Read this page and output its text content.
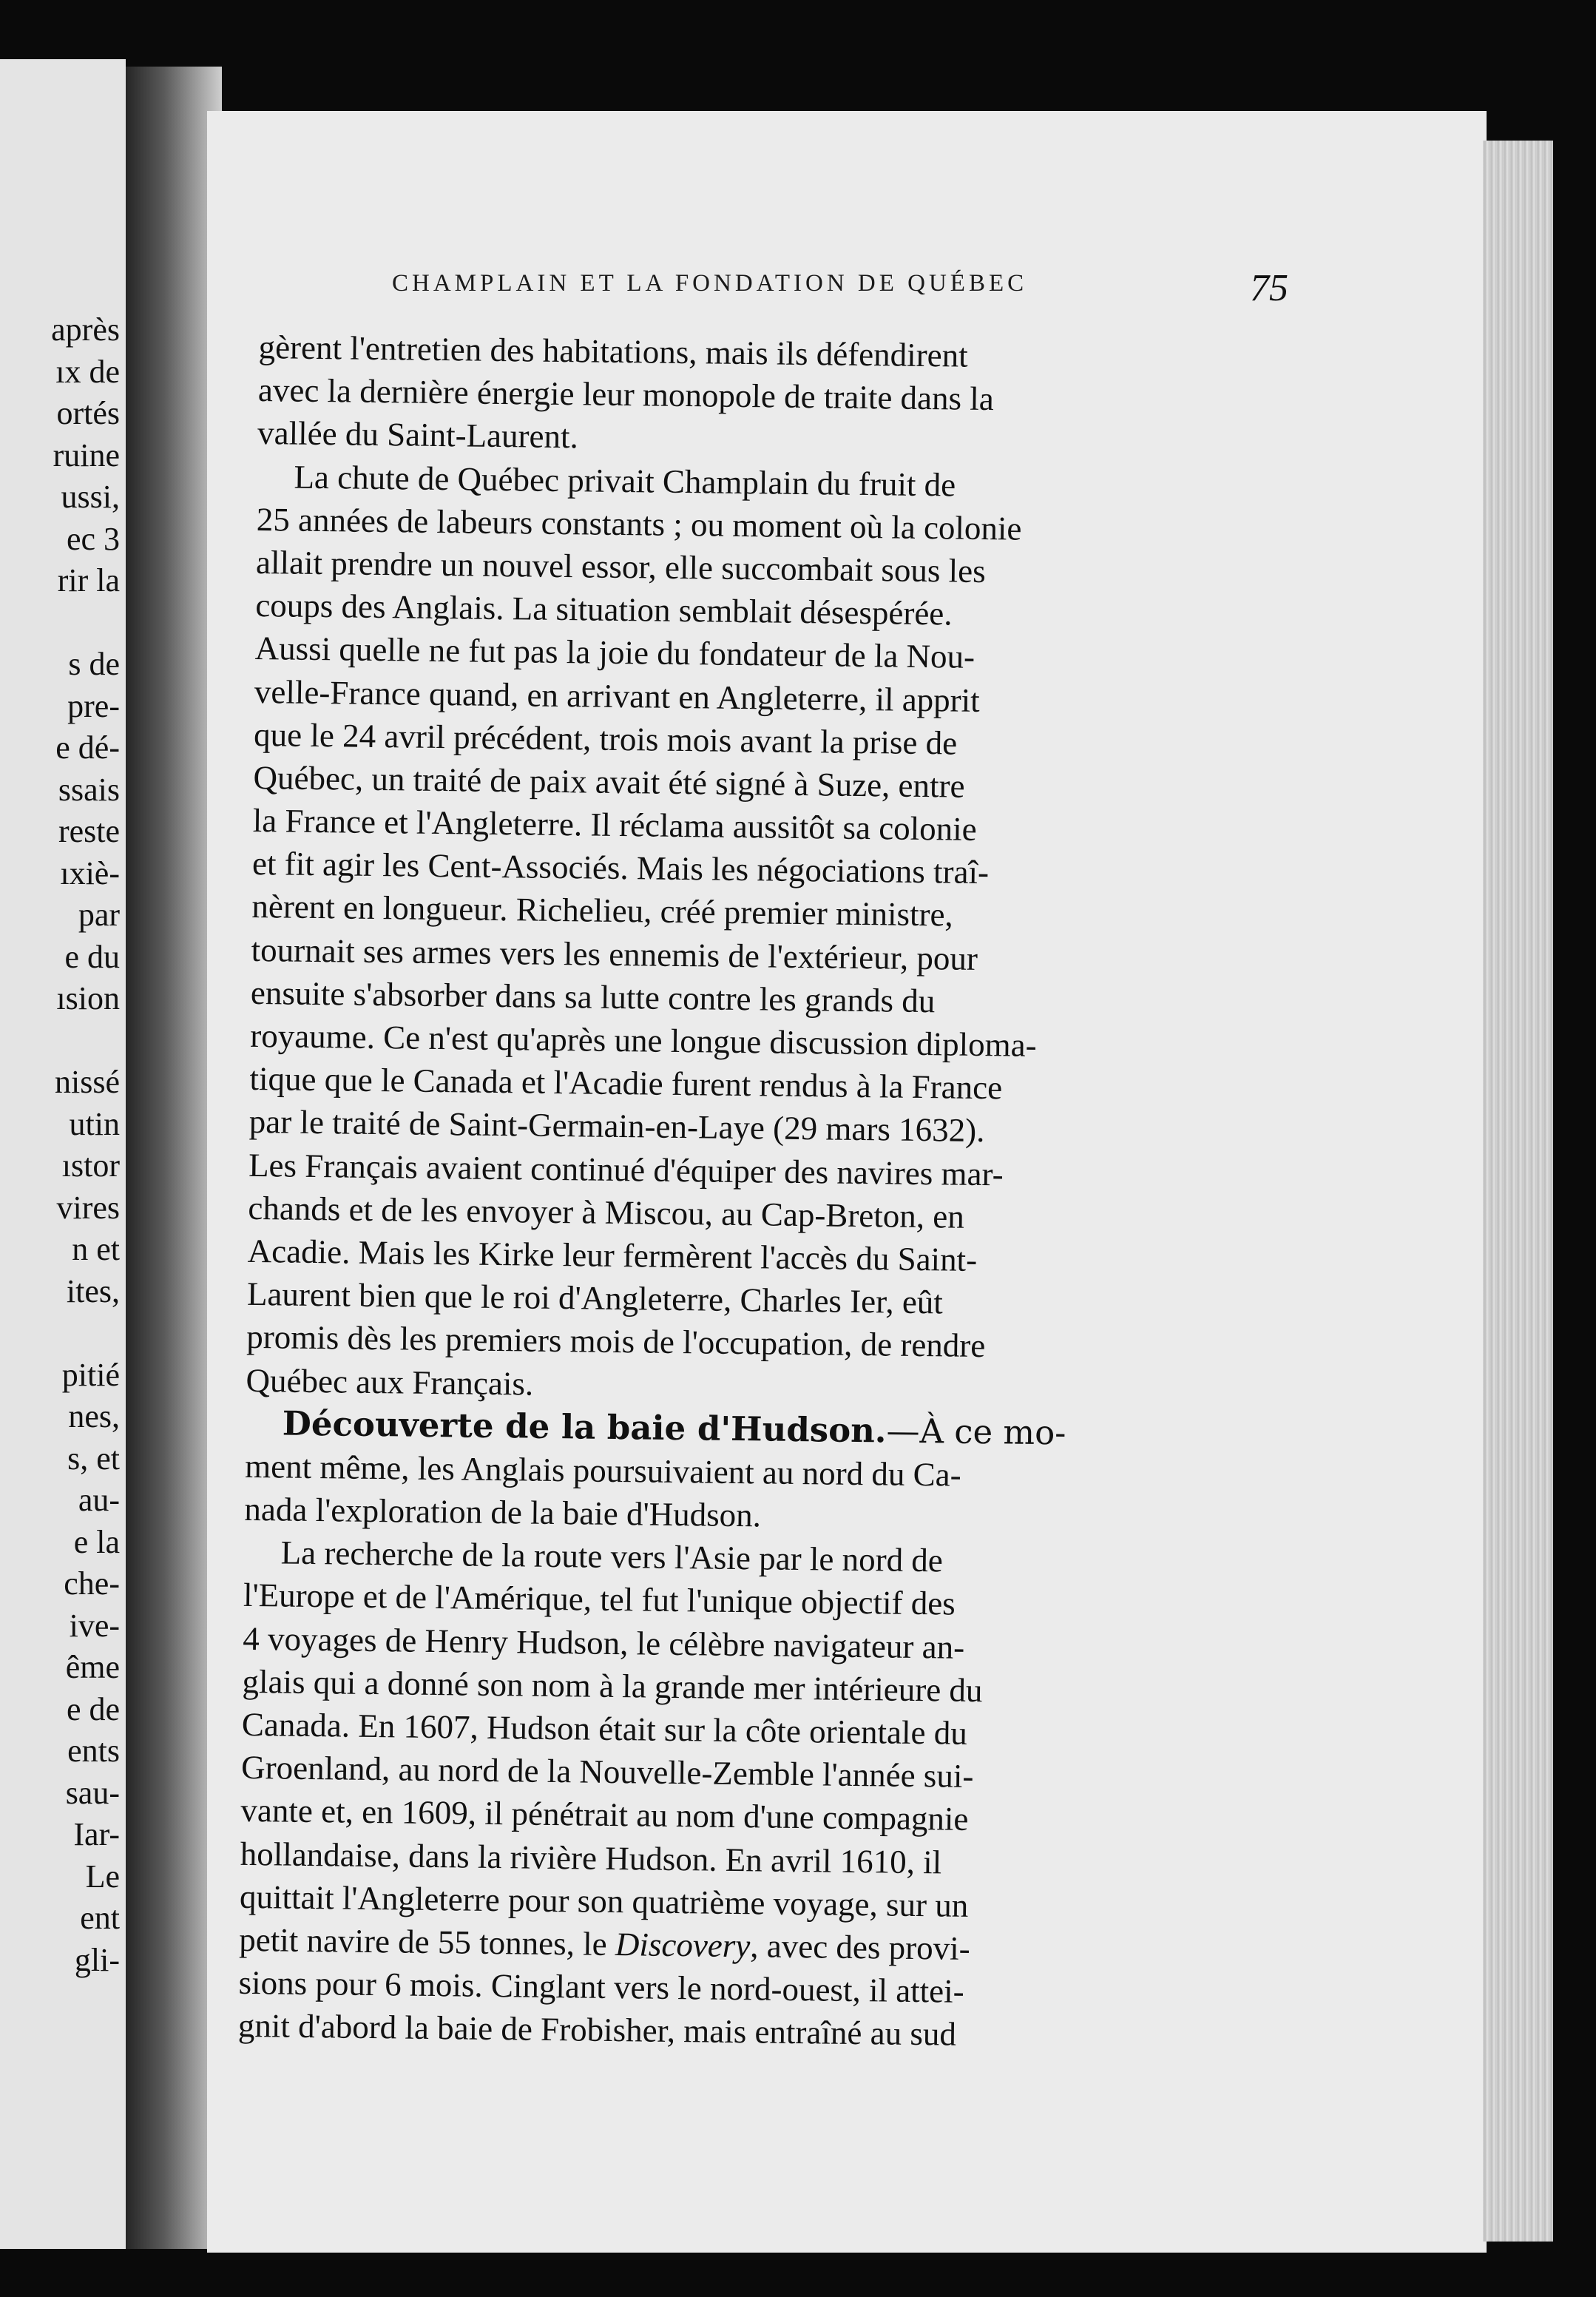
après
ıx de
ortés
ruine
ussi,
ec 3
rir la
s de
pre-
e dé-
ssais
reste
ıxiè-
par
e du
ısion
nissé
utin
ıstor
vires
n et
ites,
pitié
nes,
s, et
au-
e la
che-
ive-
ême
e de
ents
sau-
Iar-
Le
ent
gli-
CHAMPLAIN ET LA FONDATION DE QUÉBEC	75
gèrent l'entretien des habitations, mais ils défendirent
avec la dernière énergie leur monopole de traite dans la
vallée du Saint-Laurent.
La chute de Québec privait Champlain du fruit de
25 années de labeurs constants ; ou moment où la colonie
allait prendre un nouvel essor, elle succombait sous les
coups des Anglais. La situation semblait désespérée.
Aussi quelle ne fut pas la joie du fondateur de la Nou-
velle-France quand, en arrivant en Angleterre, il apprit
que le 24 avril précédent, trois mois avant la prise de
Québec, un traité de paix avait été signé à Suze, entre
la France et l'Angleterre. Il réclama aussitôt sa colonie
et fit agir les Cent-Associés. Mais les négociations traî-
nèrent en longueur. Richelieu, créé premier ministre,
tournait ses armes vers les ennemis de l'extérieur, pour
ensuite s'absorber dans sa lutte contre les grands du
royaume. Ce n'est qu'après une longue discussion diploma-
tique que le Canada et l'Acadie furent rendus à la France
par le traité de Saint-Germain-en-Laye (29 mars 1632).
Les Français avaient continué d'équiper des navires mar-
chands et de les envoyer à Miscou, au Cap-Breton, en
Acadie. Mais les Kirke leur fermèrent l'accès du Saint-
Laurent bien que le roi d'Angleterre, Charles Ier, eût
promis dès les premiers mois de l'occupation, de rendre
Québec aux Français.
Découverte de la baie d'Hudson.—À ce mo-
ment même, les Anglais poursuivaient au nord du Ca-
nada l'exploration de la baie d'Hudson.
La recherche de la route vers l'Asie par le nord de
l'Europe et de l'Amérique, tel fut l'unique objectif des
4 voyages de Henry Hudson, le célèbre navigateur an-
glais qui a donné son nom à la grande mer intérieure du
Canada. En 1607, Hudson était sur la côte orientale du
Groenland, au nord de la Nouvelle-Zemble l'année sui-
vante et, en 1609, il pénétrait au nom d'une compagnie
hollandaise, dans la rivière Hudson. En avril 1610, il
quittait l'Angleterre pour son quatrième voyage, sur un
petit navire de 55 tonnes, le Discovery, avec des provi-
sions pour 6 mois. Cinglant vers le nord-ouest, il attei-
gnit d'abord la baie de Frobisher, mais entraîné au sud
